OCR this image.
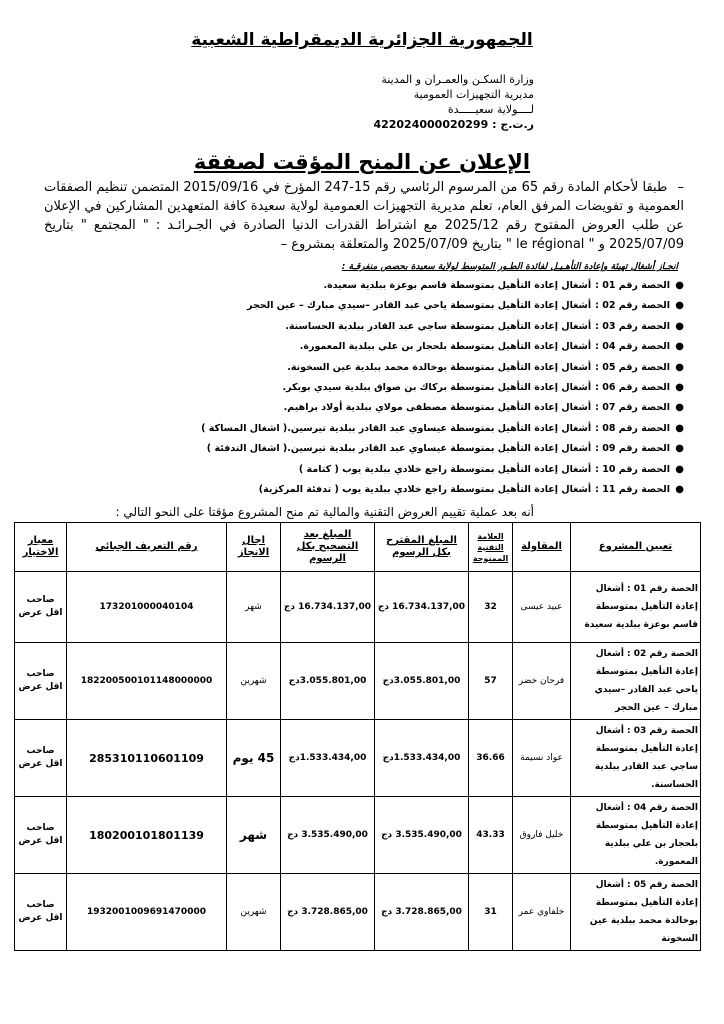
الجمهورية الجزائرية الديمقراطية الشعبية
وزارة السكـن والعمـران و المدينة
مديرية التجهيزات العمومية
لــــولاية سعيـــــدة
ر.ت.ج : 422024000020299
الإعلان عن المنح المؤقت لصفقة
– طبقا لأحكام المادة رقم 65 من المرسوم الرئاسي رقم 15-247 المؤرخ في 2015/09/16 المتضمن تنظيم الصفقات العمومية و تفويضات المرفق العام، تعلم مديرية التجهيزات العمومية لولاية سعيدة كافة المتعهدين المشاركين في الإعلان عن طلب العروض المفتوح رقم 2025/12 مع اشتراط القدرات الدنيا الصادرة في الجـرائـد : " المجتمع " بتاريخ 2025/07/09 و " le régional " بتاريخ 2025/07/09 والمتعلقة بمشروع –
انجـاز أشغال تهيئة وإعادة التأهـيـل لفائدة الطـور المتوسط لولاية سعيدة بحصص منفرقـة :
●
الحصة رقم 01 :أشغال إعادة التأهيل بمتوسطة قاسم بوعزة ببلدية سعيدة.
●
الحصة رقم 02 :أشغال إعادة التأهيل بمتوسطة ياحي عبد القادر –سيدي مبارك – عين الحجر
●
الحصة رقم 03 :أشغال إعادة التأهيل بمتوسطة ساجي عبد القادر ببلدية الحساسنة.
●
الحصة رقم 04 :أشغال إعادة التأهيل بمتوسطة بلحجار بن علي ببلدية المعمورة.
●
الحصة رقم 05 :أشغال إعادة التأهيل بمتوسطة بوخالدة محمد ببلدية عين السخونة.
●
الحصة رقم 06 :أشغال إعادة التأهيل بمتوسطة بركاك بن صواق ببلدية سيدي بوبكر.
●
الحصة رقم 07 :أشغال إعادة التأهيل بمتوسطة مصطفى مولاي ببلدية أولاد براهيم.
●
الحصة رقم 08 :أشغال إعادة التأهيل بمتوسطة عيساوي عبد القادر ببلدية تيرسين.( اشغال المساكة )
●
الحصة رقم 09 :أشغال إعادة التأهيل بمتوسطة عيساوي عبد القادر ببلدية تيرسين.( اشغال التدفئة )
●
الحصة رقم 10 :أشغال إعادة التأهيل بمتوسطة راجع خلادي ببلدية يوب ( كتامة )
●
الحصة رقم 11 :أشغال إعادة التأهيل بمتوسطة راجع خلادي ببلدية يوب ( تدفئة المركزية)
أنه بعد عملية تقييم العروض التقنية والمالية تم منح المشروع مؤقتا على النحو التالي :
تعيين المشروع	المقاولة	العلامة التقنية الممنوحة	المبلغ المقترح بكل الرسوم	المبلغ بعد التصحيح بكل الرسوم	اجال الانجاز	رقم التعريف الجبائي	معيار الاختيار
الحصة رقم 01 : أشغال إعادة التأهيل بمتوسطة قاسم بوعزة ببلدية سعيدة	عبيد عيسى	32	16.734.137,00 دج	16.734.137,00 دج	شهر	173201000040104	صاحب اقل عرض
الحصة رقم 02 : أشغال إعادة التأهيل بمتوسطة ياحي عبد القادر –سيدي مبارك – عين الحجر	فرحان خضر	57	3.055.801,00دج	3.055.801,00دج	شهرين	182200500101148000000	صاحب اقل عرض
الحصة رقم 03 : أشغال إعادة التأهيل بمتوسطة ساجي عبد القادر ببلدية الحساسنة.	عواد نسيمة	36.66	1.533.434,00دج	1.533.434,00دج	45 يوم	285310110601109	صاحب اقل عرض
الحصة رقم 04 : أشغال إعادة التأهيل بمتوسطة بلحجار بن علي ببلدية المعمورة.	خليل فاروق	43.33	3.535.490,00 دج	3.535.490,00 دج	شهر	180200101801139	صاحب اقل عرض
الحصة رقم 05 : أشغال إعادة التأهيل بمتوسطة بوخالدة محمد ببلدية عين السخونة	خلفاوي عمر	31	3.728.865,00 دج	3.728.865,00 دج	شهرين	1932001009691470000	صاحب اقل عرض
